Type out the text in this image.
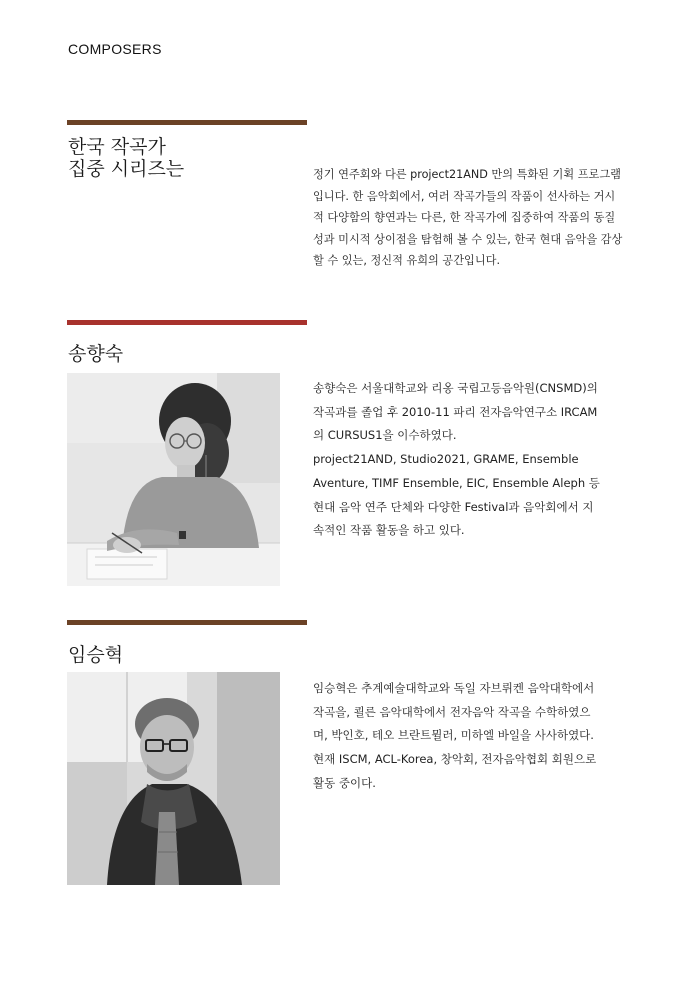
COMPOSERS
한국 작곡가
집중 시리즈는	정기 연주회와 다른 project21AND 만의 특화된 기획 프로그램
입니다. 한 음악회에서, 여러 작곡가들의 작품이 선사하는 거시
적 다양함의 향연과는 다른, 한 작곡가에 집중하여 작품의 동질
성과 미시적 상이점을 탐험해 볼 수 있는, 한국 현대 음악을 감상
할 수 있는, 정신적 유희의 공간입니다.

송향숙

송향숙은 서울대학교와 리옹 국립고등음악원(CNSMD)의
작곡과를 졸업 후 2010-11 파리 전자음악연구소 IRCAM
의 CURSUS1을 이수하였다.
project21AND, Studio2021, GRAME, Ensemble
Aventure, TIMF Ensemble, EIC, Ensemble Aleph 등
현대 음악 연주 단체와 다양한 Festival과 음악회에서 지
속적인 작품 활동을 하고 있다.

임승혁

임승혁은 추계예술대학교와 독일 자브뤼켄 음악대학에서
작곡을, 쾰른 음악대학에서 전자음악 작곡을 수학하였으
며, 박인호, 테오 브란트뮐러, 미하엘 바일을 사사하였다.
현재 ISCM, ACL-Korea, 창악회, 전자음악협회 회원으로
활동 중이다.
